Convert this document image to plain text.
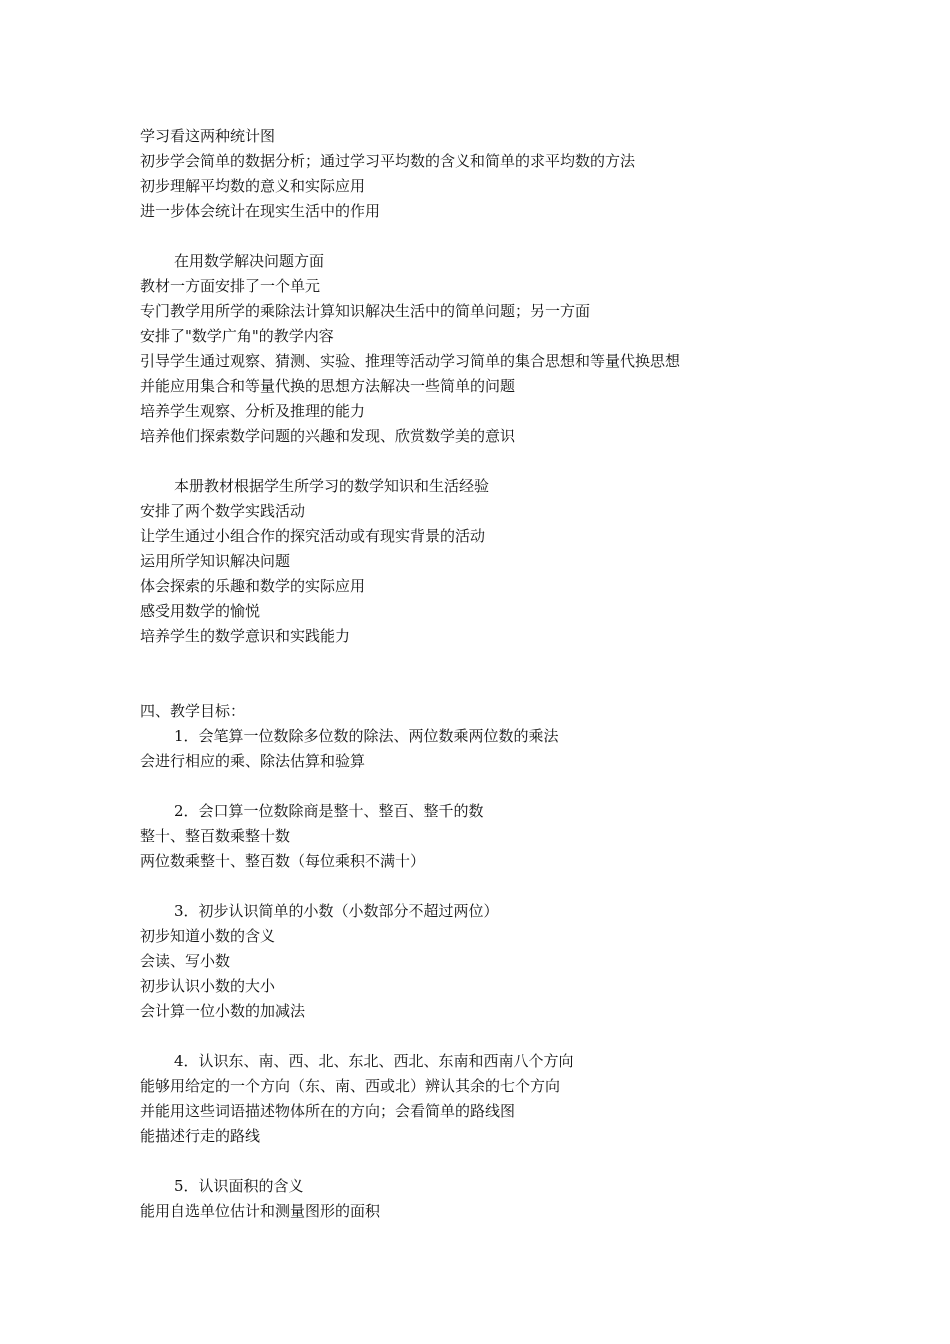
学习看这两种统计图
初步学会简单的数据分析；通过学习平均数的含义和简单的求平均数的方法
初步理解平均数的意义和实际应用
进一步体会统计在现实生活中的作用
在用数学解决问题方面
教材一方面安排了一个单元
专门教学用所学的乘除法计算知识解决生活中的简单问题；另一方面
安排了"数学广角"的教学内容
引导学生通过观察、猜测、实验、推理等活动学习简单的集合思想和等量代换思想
并能应用集合和等量代换的思想方法解决一些简单的问题
培养学生观察、分析及推理的能力
培养他们探索数学问题的兴趣和发现、欣赏数学美的意识
本册教材根据学生所学习的数学知识和生活经验
安排了两个数学实践活动
让学生通过小组合作的探究活动或有现实背景的活动
运用所学知识解决问题
体会探索的乐趣和数学的实际应用
感受用数学的愉悦
培养学生的数学意识和实践能力
四、教学目标：
1．会笔算一位数除多位数的除法、两位数乘两位数的乘法
会进行相应的乘、除法估算和验算
2．会口算一位数除商是整十、整百、整千的数
整十、整百数乘整十数
两位数乘整十、整百数（每位乘积不满十）
3．初步认识简单的小数（小数部分不超过两位）
初步知道小数的含义
会读、写小数
初步认识小数的大小
会计算一位小数的加减法
4．认识东、南、西、北、东北、西北、东南和西南八个方向
能够用给定的一个方向（东、南、西或北）辨认其余的七个方向
并能用这些词语描述物体所在的方向；会看简单的路线图
能描述行走的路线
5．认识面积的含义
能用自选单位估计和测量图形的面积
